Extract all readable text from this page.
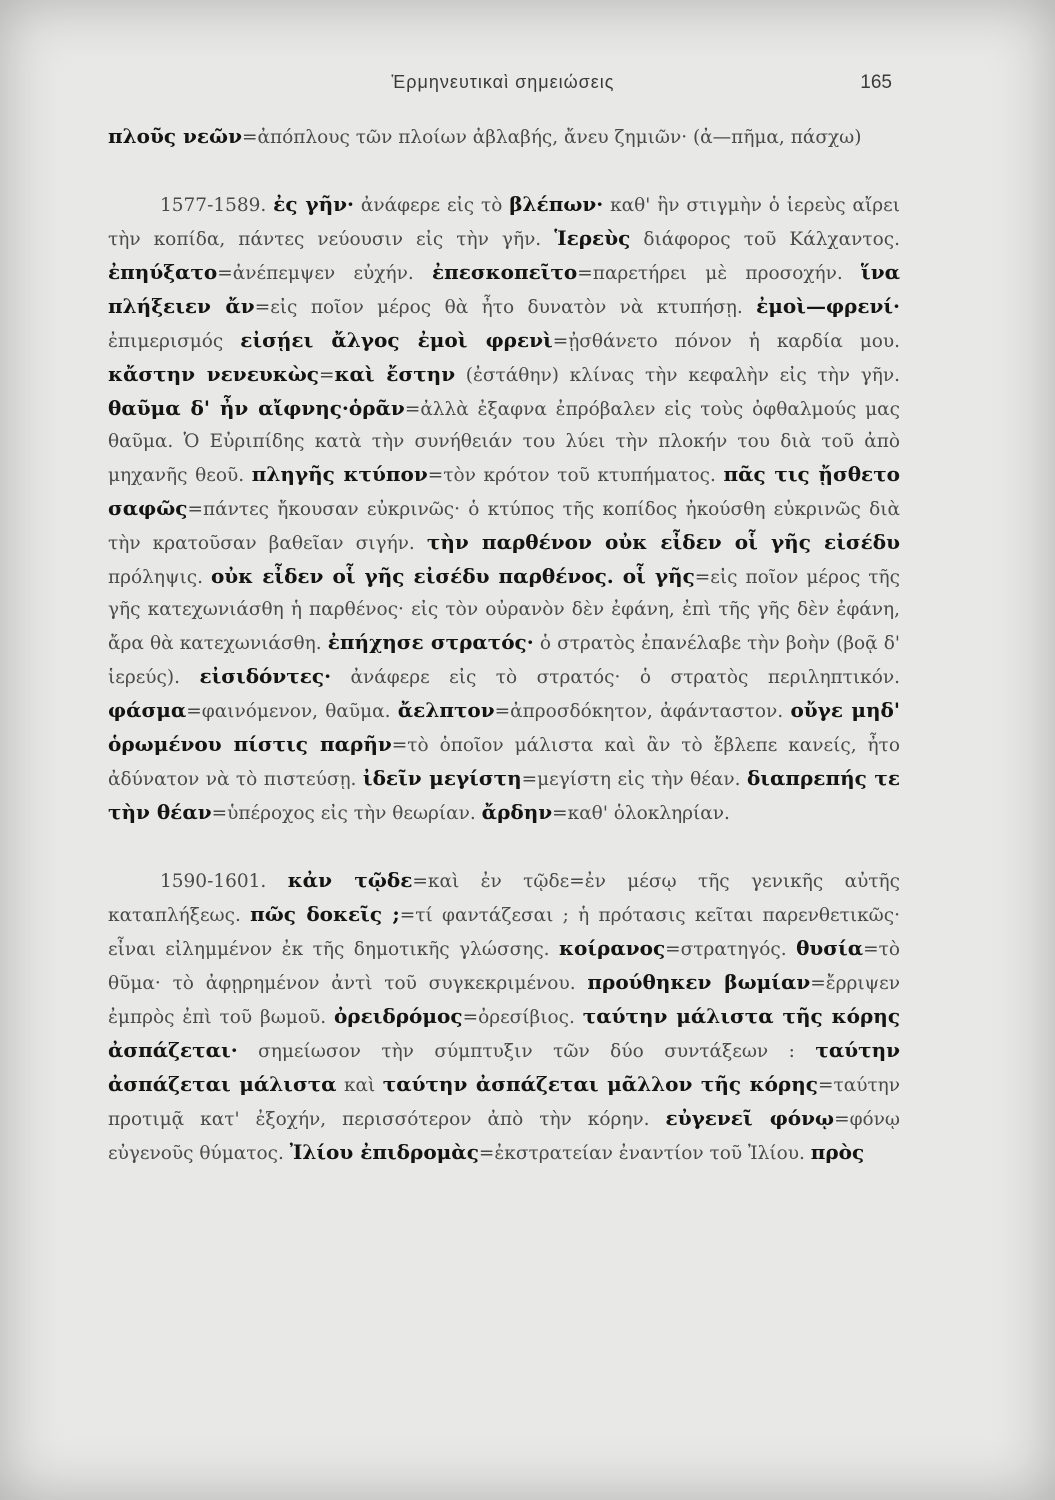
Ἑρμηνευτικαὶ σημειώσεις	165

πλοῦς νεῶν=ἀπόπλους τῶν πλοίων ἀβλαβής, ἄνευ ζημιῶν· (ἀ—πῆμα, πάσχω)

1577-1589. ἐς γῆν· ἀνάφερε εἰς τὸ βλέπων· καθ' ἣν στιγμὴν ὁ ἱερεὺς αἴρει τὴν κοπίδα, πάντες νεύουσιν εἰς τὴν γῆν. Ἱερεὺς διάφορος τοῦ Κάλχαντος. ἐπηύξατο=ἀνέπεμψεν εὐχήν. ἐπεσκοπεῖτο=παρετήρει μὲ προσοχήν. ἵνα πλήξειεν ἄν=εἰς ποῖον μέρος θὰ ἦτο δυνατὸν νὰ κτυπήσῃ. ἐμοὶ—φρενί· ἐπιμερισμός εἰσῄει ἄλγος ἐμοὶ φρενὶ=ᾐσθάνετο πόνον ἡ καρδία μου. κἄστην νενευκὼς=καὶ ἔστην (ἐστάθην) κλίνας τὴν κεφαλὴν εἰς τὴν γῆν. θαῦμα δ' ἦν αἴφνης·ὁρᾶν=ἀλλὰ ἐξαφνα ἐπρόβαλεν εἰς τοὺς ὀφθαλμούς μας θαῦμα. Ὁ Εὐριπίδης κατὰ τὴν συνήθειάν του λύει τὴν πλοκήν του διὰ τοῦ ἀπὸ μηχανῆς θεοῦ. πληγῆς κτύπον=τὸν κρότον τοῦ κτυπήματος. πᾶς τις ᾔσθετο σαφῶς=πάντες ἤκουσαν εὐκρινῶς· ὁ κτύπος τῆς κοπίδος ἠκούσθη εὐκρινῶς διὰ τὴν κρατοῦσαν βαθεῖαν σιγήν. τὴν παρθένον οὐκ εἶδεν οἷ γῆς εἰσέδυ πρόληψις. οὐκ εἶδεν οἷ γῆς εἰσέδυ παρθένος. οἷ γῆς=εἰς ποῖον μέρος τῆς γῆς κατεχωνιάσθη ἡ παρθένος· εἰς τὸν οὐρανὸν δὲν ἐφάνη, ἐπὶ τῆς γῆς δὲν ἐφάνη, ἄρα θὰ κατεχωνιάσθη. ἐπήχησε στρατός· ὁ στρατὸς ἐπανέλαβε τὴν βοὴν (βοᾷ δ' ἱερεύς). εἰσιδόντες· ἀνάφερε εἰς τὸ στρατός· ὁ στρατὸς περιληπτικόν. φάσμα=φαινόμενον, θαῦμα. ἄελπτον=ἀπροσδόκητον, ἀφάνταστον. οὔγε μηδ' ὁρωμένου πίστις παρῆν=τὸ ὁποῖον μάλιστα καὶ ἂν τὸ ἔβλεπε κανείς, ἦτο ἀδύνατον νὰ τὸ πιστεύσῃ. ἰδεῖν μεγίστη=μεγίστη εἰς τὴν θέαν. διαπρεπής τε τὴν θέαν=ὑπέροχος εἰς τὴν θεωρίαν. ἄρδην=καθ' ὁλοκληρίαν.

1590-1601. κἀν τῷδε=καὶ ἐν τῷδε=ἐν μέσῳ τῆς γενικῆς αὐτῆς καταπλήξεως. πῶς δοκεῖς ;=τί φαντάζεσαι ; ἡ πρότασις κεῖται παρενθετικῶς· εἶναι εἰλημμένον ἐκ τῆς δημοτικῆς γλώσσης. κοίρανος=στρατηγός. θυσία=τὸ θῦμα· τὸ ἀφῃρημένον ἀντὶ τοῦ συγκεκριμένου. προύθηκεν βωμίαν=ἔρριψεν ἐμπρὸς ἐπὶ τοῦ βωμοῦ. ὀρειδρόμος=ὀρεσίβιος. ταύτην μάλιστα τῆς κόρης ἀσπάζεται· σημείωσον τὴν σύμπτυξιν τῶν δύο συντάξεων : ταύτην ἀσπάζεται μάλιστα καὶ ταύτην ἀσπάζεται μᾶλλον τῆς κόρης=ταύτην προτιμᾷ κατ' ἐξοχήν, περισσότερον ἀπὸ τὴν κόρην. εὐγενεῖ φόνῳ=φόνῳ εὐγενοῦς θύματος. Ἰλίου ἐπιδρομὰς=ἐκστρατείαν ἐναντίον τοῦ Ἰλίου. πρὸς
